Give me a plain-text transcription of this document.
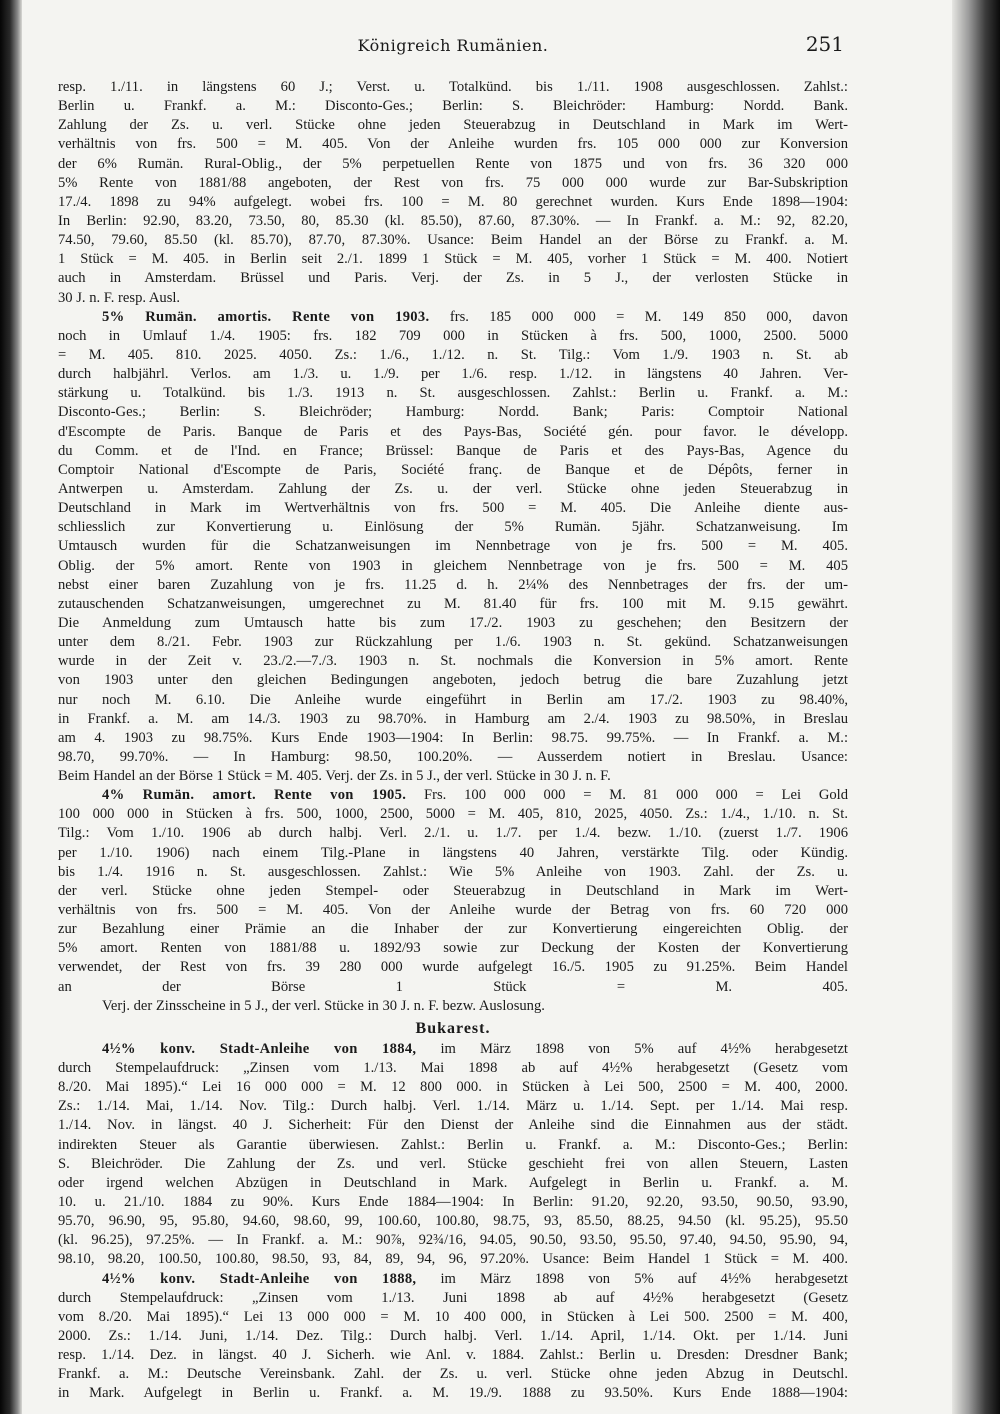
Königreich Rumänien.	251
resp. 1./11. in längstens 60 J.; Verst. u. Totalkünd. bis 1./11. 1908 ausgeschlossen. Zahlst.:
Berlin u. Frankf. a. M.: Disconto-Ges.; Berlin: S. Bleichröder: Hamburg: Nordd. Bank.
Zahlung der Zs. u. verl. Stücke ohne jeden Steuerabzug in Deutschland in Mark im Wert-
verhältnis von frs. 500 = M. 405. Von der Anleihe wurden frs. 105 000 000 zur Konversion
der 6% Rumän. Rural-Oblig., der 5% perpetuellen Rente von 1875 und von frs. 36 320 000
5% Rente von 1881/88 angeboten, der Rest von frs. 75 000 000 wurde zur Bar-Subskription
17./4. 1898 zu 94% aufgelegt. wobei frs. 100 = M. 80 gerechnet wurden. Kurs Ende 1898—1904:
In Berlin: 92.90, 83.20, 73.50, 80, 85.30 (kl. 85.50), 87.60, 87.30%. — In Frankf. a. M.: 92, 82.20,
74.50, 79.60, 85.50 (kl. 85.70), 87.70, 87.30%. Usance: Beim Handel an der Börse zu Frankf. a. M.
1 Stück = M. 405. in Berlin seit 2./1. 1899 1 Stück = M. 405, vorher 1 Stück = M. 400. Notiert
auch in Amsterdam. Brüssel und Paris. Verj. der Zs. in 5 J., der verlosten Stücke in
30 J. n. F. resp. Ausl.
5% Rumän. amortis. Rente von 1903. frs. 185 000 000 = M. 149 850 000, davon
noch in Umlauf 1./4. 1905: frs. 182 709 000 in Stücken à frs. 500, 1000, 2500. 5000
= M. 405. 810. 2025. 4050. Zs.: 1./6., 1./12. n. St. Tilg.: Vom 1./9. 1903 n. St. ab
durch halbjährl. Verlos. am 1./3. u. 1./9. per 1./6. resp. 1./12. in längstens 40 Jahren. Ver-
stärkung u. Totalkünd. bis 1./3. 1913 n. St. ausgeschlossen. Zahlst.: Berlin u. Frankf. a. M.:
Disconto-Ges.; Berlin: S. Bleichröder; Hamburg: Nordd. Bank; Paris: Comptoir National
d'Escompte de Paris. Banque de Paris et des Pays-Bas, Société gén. pour favor. le développ.
du Comm. et de l'Ind. en France; Brüssel: Banque de Paris et des Pays-Bas, Agence du
Comptoir National d'Escompte de Paris, Société franç. de Banque et de Dépôts, ferner in
Antwerpen u. Amsterdam. Zahlung der Zs. u. der verl. Stücke ohne jeden Steuerabzug in
Deutschland in Mark im Wertverhältnis von frs. 500 = M. 405. Die Anleihe diente aus-
schliesslich zur Konvertierung u. Einlösung der 5% Rumän. 5jähr. Schatzanweisung. Im
Umtausch wurden für die Schatzanweisungen im Nennbetrage von je frs. 500 = M. 405.
Oblig. der 5% amort. Rente von 1903 in gleichem Nennbetrage von je frs. 500 = M. 405
nebst einer baren Zuzahlung von je frs. 11.25 d. h. 2¼% des Nennbetrages der frs. der um-
zutauschenden Schatzanweisungen, umgerechnet zu M. 81.40 für frs. 100 mit M. 9.15 gewährt.
Die Anmeldung zum Umtausch hatte bis zum 17./2. 1903 zu geschehen; den Besitzern der
unter dem 8./21. Febr. 1903 zur Rückzahlung per 1./6. 1903 n. St. gekünd. Schatzanweisungen
wurde in der Zeit v. 23./2.—7./3. 1903 n. St. nochmals die Konversion in 5% amort. Rente
von 1903 unter den gleichen Bedingungen angeboten, jedoch betrug die bare Zuzahlung jetzt
nur noch M. 6.10. Die Anleihe wurde eingeführt in Berlin am 17./2. 1903 zu 98.40%,
in Frankf. a. M. am 14./3. 1903 zu 98.70%. in Hamburg am 2./4. 1903 zu 98.50%, in Breslau
am 4. 1903 zu 98.75%. Kurs Ende 1903—1904: In Berlin: 98.75. 99.75%. — In Frankf. a. M.:
98.70, 99.70%. — In Hamburg: 98.50, 100.20%. — Ausserdem notiert in Breslau. Usance:
Beim Handel an der Börse 1 Stück = M. 405. Verj. der Zs. in 5 J., der verl. Stücke in 30 J. n. F.
4% Rumän. amort. Rente von 1905. Frs. 100 000 000 = M. 81 000 000 = Lei Gold
100 000 000 in Stücken à frs. 500, 1000, 2500, 5000 = M. 405, 810, 2025, 4050. Zs.: 1./4., 1./10. n. St.
Tilg.: Vom 1./10. 1906 ab durch halbj. Verl. 2./1. u. 1./7. per 1./4. bezw. 1./10. (zuerst 1./7. 1906
per 1./10. 1906) nach einem Tilg.-Plane in längstens 40 Jahren, verstärkte Tilg. oder Kündig.
bis 1./4. 1916 n. St. ausgeschlossen. Zahlst.: Wie 5% Anleihe von 1903. Zahl. der Zs. u.
der verl. Stücke ohne jeden Stempel- oder Steuerabzug in Deutschland in Mark im Wert-
verhältnis von frs. 500 = M. 405. Von der Anleihe wurde der Betrag von frs. 60 720 000
zur Bezahlung einer Prämie an die Inhaber der zur Konvertierung eingereichten Oblig. der
5% amort. Renten von 1881/88 u. 1892/93 sowie zur Deckung der Kosten der Konvertierung
verwendet, der Rest von frs. 39 280 000 wurde aufgelegt 16./5. 1905 zu 91.25%. Beim Handel
an der Börse 1 Stück = M. 405.
Verj. der Zinsscheine in 5 J., der verl. Stücke in 30 J. n. F. bezw. Auslosung.
Bukarest.
4½% konv. Stadt-Anleihe von 1884, im März 1898 von 5% auf 4½% herabgesetzt
durch Stempelaufdruck: „Zinsen vom 1./13. Mai 1898 ab auf 4½% herabgesetzt (Gesetz vom
8./20. Mai 1895).“ Lei 16 000 000 = M. 12 800 000. in Stücken à Lei 500, 2500 = M. 400, 2000.
Zs.: 1./14. Mai, 1./14. Nov. Tilg.: Durch halbj. Verl. 1./14. März u. 1./14. Sept. per 1./14. Mai resp.
1./14. Nov. in längst. 40 J. Sicherheit: Für den Dienst der Anleihe sind die Einnahmen aus der städt.
indirekten Steuer als Garantie überwiesen. Zahlst.: Berlin u. Frankf. a. M.: Disconto-Ges.; Berlin:
S. Bleichröder. Die Zahlung der Zs. und verl. Stücke geschieht frei von allen Steuern, Lasten
oder irgend welchen Abzügen in Deutschland in Mark. Aufgelegt in Berlin u. Frankf. a. M.
10. u. 21./10. 1884 zu 90%. Kurs Ende 1884—1904: In Berlin: 91.20, 92.20, 93.50, 90.50, 93.90,
95.70, 96.90, 95, 95.80, 94.60, 98.60, 99, 100.60, 100.80, 98.75, 93, 85.50, 88.25, 94.50 (kl. 95.25), 95.50
(kl. 96.25), 97.25%. — In Frankf. a. M.: 90⅞, 92¾/16, 94.05, 90.50, 93.50, 95.50, 97.40, 94.50, 95.90, 94,
98.10, 98.20, 100.50, 100.80, 98.50, 93, 84, 89, 94, 96, 97.20%. Usance: Beim Handel 1 Stück = M. 400.
4½% konv. Stadt-Anleihe von 1888, im März 1898 von 5% auf 4½% herabgesetzt
durch Stempelaufdruck: „Zinsen vom 1./13. Juni 1898 ab auf 4½% herabgesetzt (Gesetz
vom 8./20. Mai 1895).“ Lei 13 000 000 = M. 10 400 000, in Stücken à Lei 500. 2500 = M. 400,
2000. Zs.: 1./14. Juni, 1./14. Dez. Tilg.: Durch halbj. Verl. 1./14. April, 1./14. Okt. per 1./14. Juni
resp. 1./14. Dez. in längst. 40 J. Sicherh. wie Anl. v. 1884. Zahlst.: Berlin u. Dresden: Dresdner Bank;
Frankf. a. M.: Deutsche Vereinsbank. Zahl. der Zs. u. verl. Stücke ohne jeden Abzug in Deutschl.
in Mark. Aufgelegt in Berlin u. Frankf. a. M. 19./9. 1888 zu 93.50%. Kurs Ende 1888—1904:
